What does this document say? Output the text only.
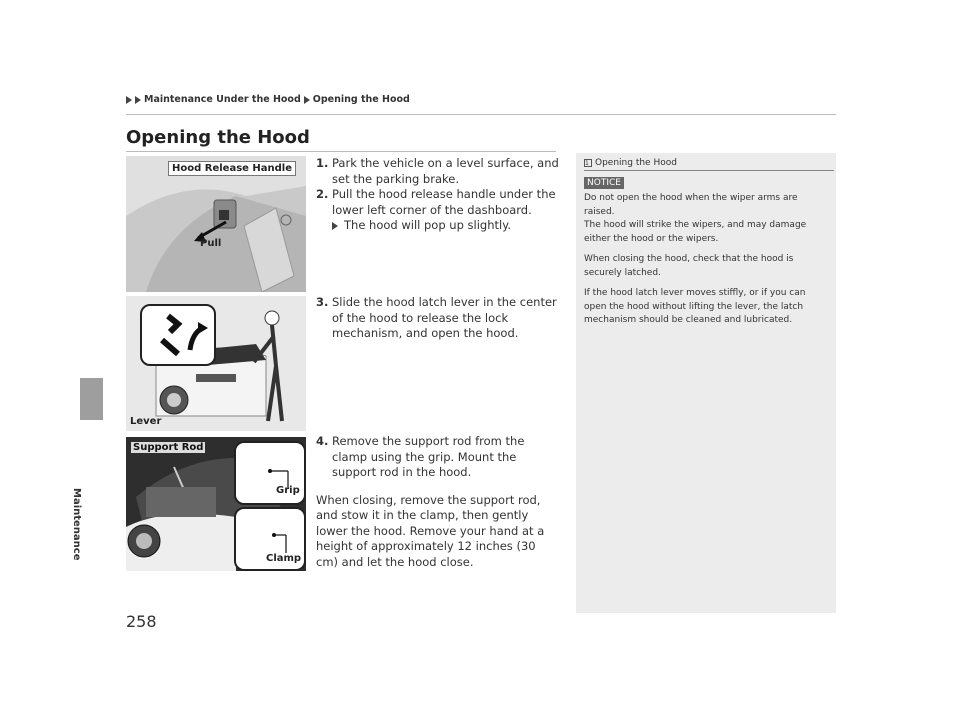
Maintenance Under the Hood Opening the Hood
Maintenance
258
Opening the Hood
Hood Release Handle
Pull
Lever
Support Rod
Grip
Clamp
1. Park the vehicle on a level surface, and set the parking brake.
2. Pull the hood release handle under the lower left corner of the dashboard.
The hood will pop up slightly.
3. Slide the hood latch lever in the center of the hood to release the lock mechanism, and open the hood.
4. Remove the support rod from the clamp using the grip. Mount the support rod in the hood.
When closing, remove the support rod, and stow it in the clamp, then gently lower the hood. Remove your hand at a height of approximately 12 inches (30 cm) and let the hood close.
1 Opening the Hood
NOTICE

Do not open the hood when the wiper arms are raised.
The hood will strike the wipers, and may damage either the hood or the wipers.

When closing the hood, check that the hood is securely latched.

If the hood latch lever moves stiffly, or if you can open the hood without lifting the lever, the latch mechanism should be cleaned and lubricated.
